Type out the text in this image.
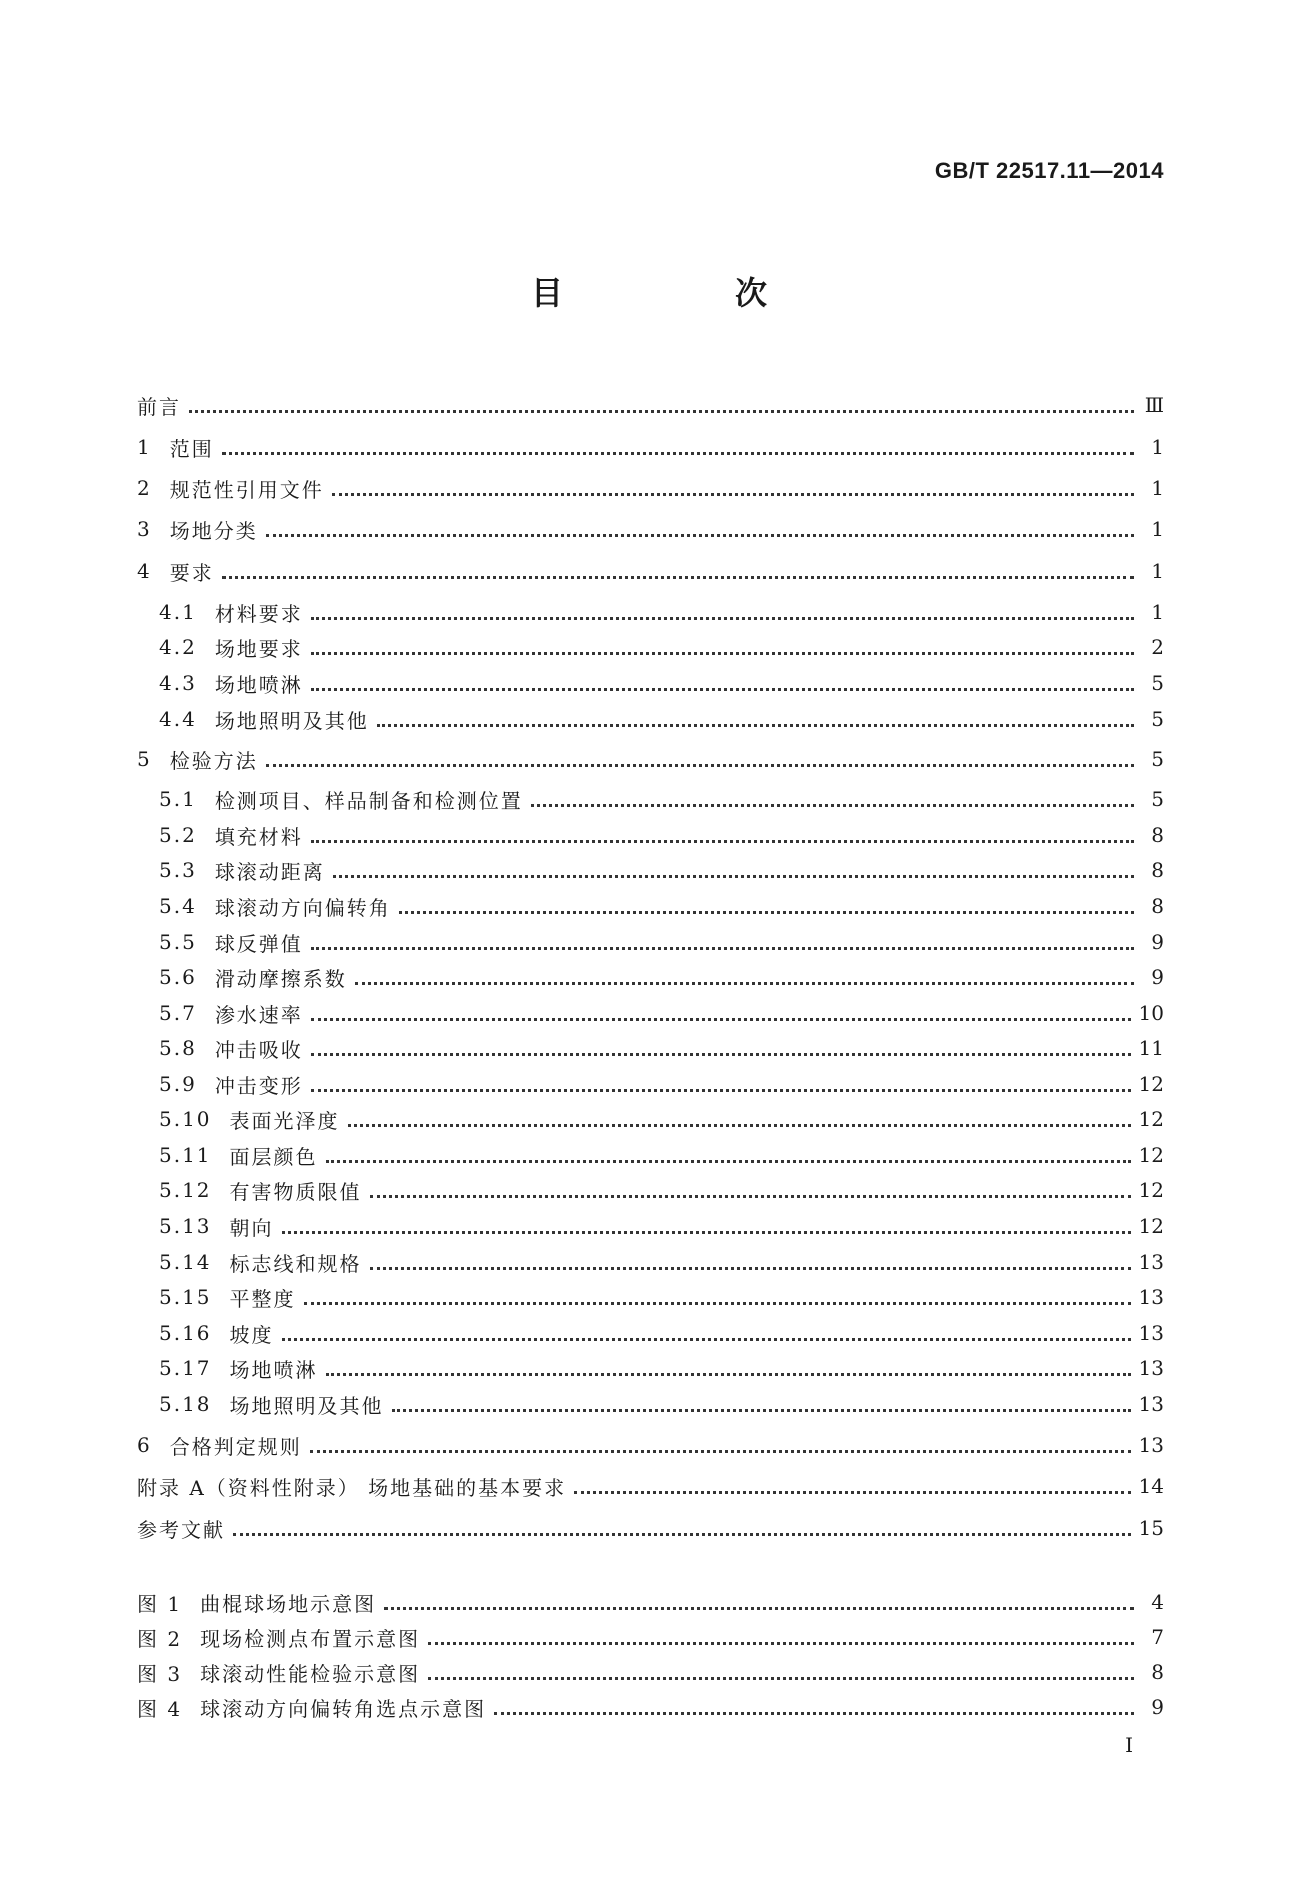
GB/T 22517.11—2014
目　次
前言	Ⅲ
1 范围	1
2 规范性引用文件	1
3 场地分类	1
4 要求	1
4.1 材料要求	1
4.2 场地要求	2
4.3 场地喷淋	5
4.4 场地照明及其他	5
5 检验方法	5
5.1 检测项目、样品制备和检测位置	5
5.2 填充材料	8
5.3 球滚动距离	8
5.4 球滚动方向偏转角	8
5.5 球反弹值	9
5.6 滑动摩擦系数	9
5.7 渗水速率	10
5.8 冲击吸收	11
5.9 冲击变形	12
5.10 表面光泽度	12
5.11 面层颜色	12
5.12 有害物质限值	12
5.13 朝向	12
5.14 标志线和规格	13
5.15 平整度	13
5.16 坡度	13
5.17 场地喷淋	13
5.18 场地照明及其他	13
6 合格判定规则	13
附录 A（资料性附录） 场地基础的基本要求	14
参考文献	15
图 1 曲棍球场地示意图	4
图 2 现场检测点布置示意图	7
图 3 球滚动性能检验示意图	8
图 4 球滚动方向偏转角选点示意图	9
I
